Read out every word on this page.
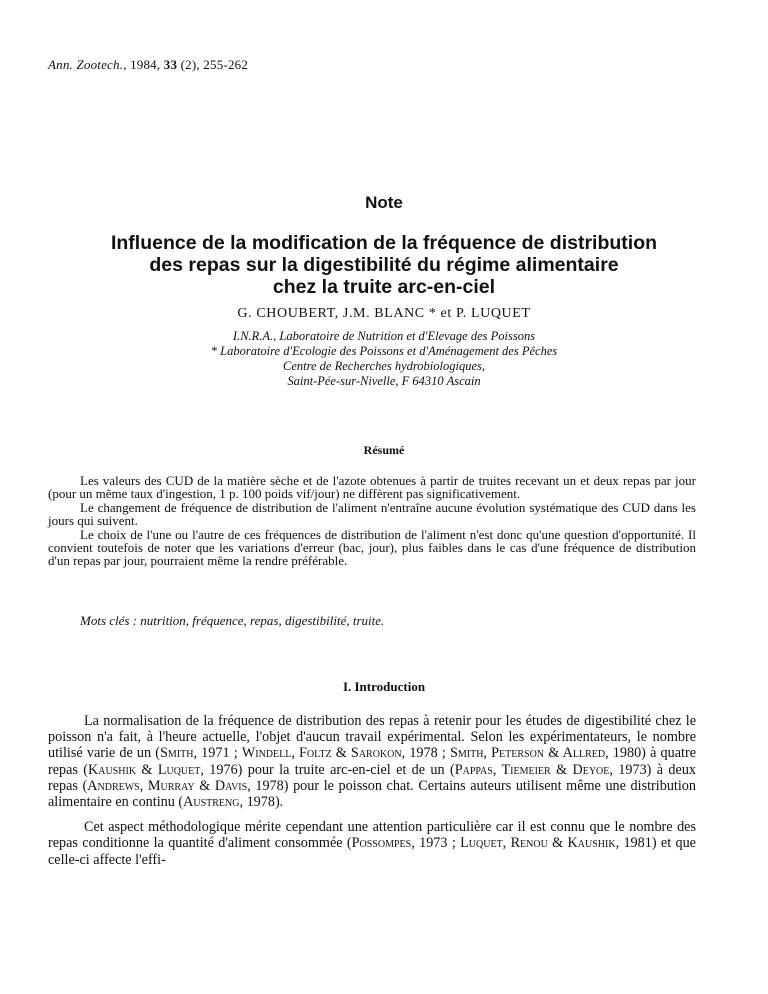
Ann. Zootech., 1984, 33 (2), 255-262
Note
Influence de la modification de la fréquence de distribution
des repas sur la digestibilité du régime alimentaire
chez la truite arc-en-ciel
G. CHOUBERT, J.M. BLANC * et P. LUQUET
I.N.R.A., Laboratoire de Nutrition et d'Elevage des Poissons
* Laboratoire d'Ecologie des Poissons et d'Aménagement des Pêches
Centre de Recherches hydrobiologiques,
Saint-Pée-sur-Nivelle, F 64310 Ascain
Résumé

Les valeurs des CUD de la matière sèche et de l'azote obtenues à partir de truites recevant un et deux repas par jour (pour un même taux d'ingestion, 1 p. 100 poids vif/jour) ne diffèrent pas significativement.

Le changement de fréquence de distribution de l'aliment n'entraîne aucune évolution systématique des CUD dans les jours qui suivent.

Le choix de l'une ou l'autre de ces fréquences de distribution de l'aliment n'est donc qu'une question d'opportunité. Il convient toutefois de noter que les variations d'erreur (bac, jour), plus faibles dans le cas d'une fréquence de distribution d'un repas par jour, pourraient même la rendre préférable.

Mots clés : nutrition, fréquence, repas, digestibilité, truite.
I. Introduction

La normalisation de la fréquence de distribution des repas à retenir pour les études de digestibilité chez le poisson n'a fait, à l'heure actuelle, l'objet d'aucun travail expérimental. Selon les expérimentateurs, le nombre utilisé varie de un (Smith, 1971 ; Windell, Foltz & Sarokon, 1978 ; Smith, Peterson & Allred, 1980) à quatre repas (Kaushik & Luquet, 1976) pour la truite arc-en-ciel et de un (Pappas, Tiemeier & Deyoe, 1973) à deux repas (Andrews, Murray & Davis, 1978) pour le poisson chat. Certains auteurs utilisent même une distribution alimentaire en continu (Austreng, 1978).

Cet aspect méthodologique mérite cependant une attention particulière car il est connu que le nombre des repas conditionne la quantité d'aliment consommée (Possompes, 1973 ; Luquet, Renou & Kaushik, 1981) et que celle-ci affecte l'effi-
